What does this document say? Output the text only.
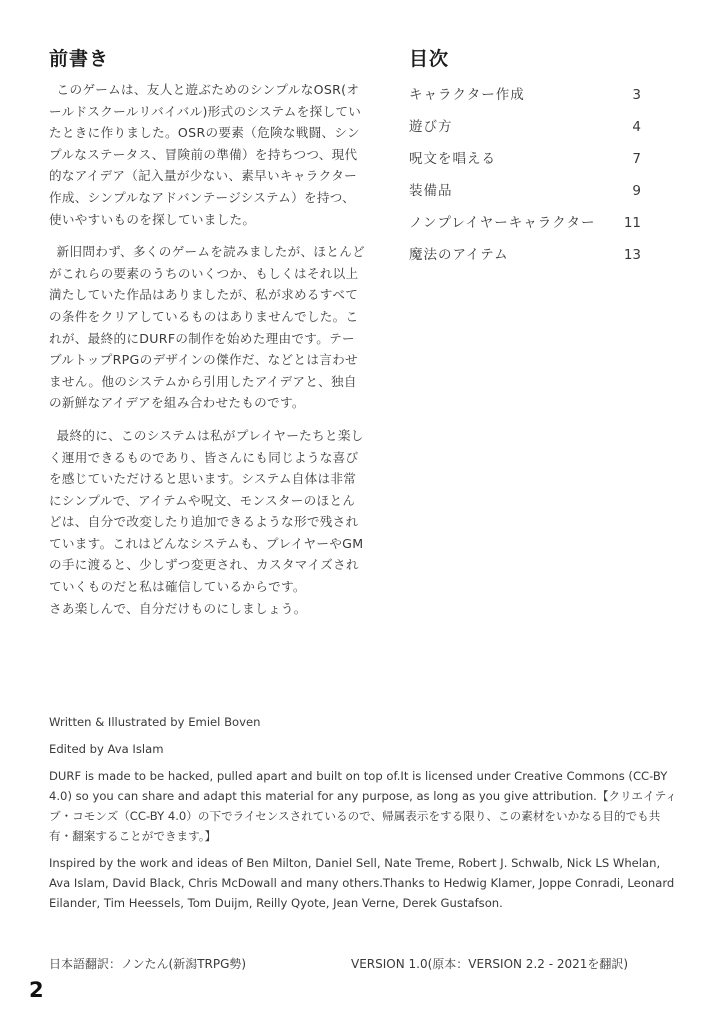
前書き

このゲームは、友人と遊ぶためのシンプルなOSR(オールドスクールリバイバル)形式のシステムを探していたときに作りました。OSRの要素（危険な戦闘、シンプルなステータス、冒険前の準備）を持ちつつ、現代的なアイデア（記入量が少ない、素早いキャラクター作成、シンプルなアドバンテージシステム）を持つ、使いやすいものを探していました。

新旧問わず、多くのゲームを読みましたが、ほとんどがこれらの要素のうちのいくつか、もしくはそれ以上満たしていた作品はありましたが、私が求めるすべての条件をクリアしているものはありませんでした。これが、最終的にDURFの制作を始めた理由です。テーブルトップRPGのデザインの傑作だ、などとは言わせません。他のシステムから引用したアイデアと、独自の新鮮なアイデアを組み合わせたものです。

最終的に、このシステムは私がプレイヤーたちと楽しく運用できるものであり、皆さんにも同じような喜びを感じていただけると思います。システム自体は非常にシンプルで、アイテムや呪文、モンスターのほとんどは、自分で改変したり追加できるような形で残されています。これはどんなシステムも、プレイヤーやGMの手に渡ると、少しずつ変更され、カスタマイズされていくものだと私は確信しているからです。

さあ楽しんで、自分だけものにしましょう。

目次
キャラクター作成	3
遊び方	4
呪文を唱える	7
装備品	9
ノンプレイヤーキャラクター 11
魔法のアイテム	13

Written & Illustrated by Emiel Boven

Edited by Ava Islam

DURF is made to be hacked, pulled apart and built on top of.It is licensed under Creative Commons (CC-BY 4.0) so you can share and adapt this material for any purpose, as long as you give attribution.【クリエイティブ・コモンズ（CC-BY 4.0）の下でライセンスされているので、帰属表示をする限り、この素材をいかなる目的でも共有・翻案することができます。】

Inspired by the work and ideas of Ben Milton, Daniel Sell, Nate Treme, Robert J. Schwalb, Nick LS Whelan, Ava Islam, David Black, Chris McDowall and many others.Thanks to Hedwig Klamer, Joppe Conradi, Leonard Eilander, Tim Heessels, Tom Duijm, Reilly Qyote, Jean Verne, Derek Gustafson.

日本語翻訳：ノンたん(新潟TRPG勢)	VERSION 1.0(原本：VERSION 2.2 - 2021を翻訳)
2
